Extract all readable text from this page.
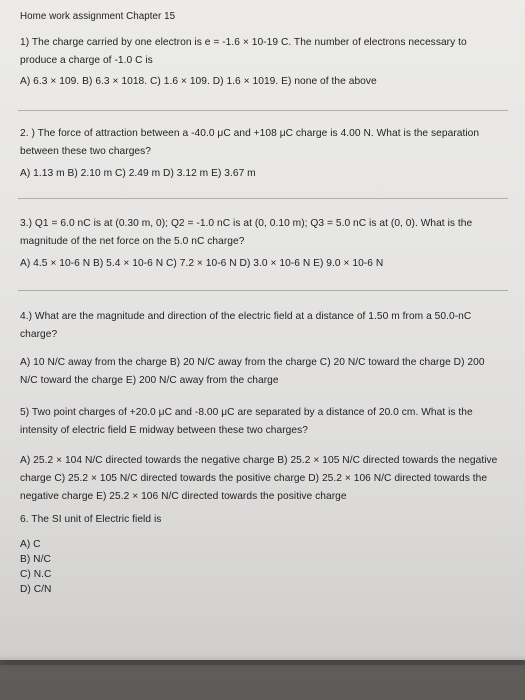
Home work assignment Chapter 15
1) The charge carried by one electron is e = -1.6 × 10-19 C. The number of electrons necessary to
produce a charge of -1.0 C is
A) 6.3 × 109. B) 6.3 × 1018. C) 1.6 × 109. D) 1.6 × 1019. E) none of the above
2. ) The force of attraction between a -40.0 μC and +108 μC charge is 4.00 N. What is the separation
between these two charges?
A) 1.13 m B) 2.10 m C) 2.49 m D) 3.12 m E) 3.67 m
3.) Q1 = 6.0 nC is at (0.30 m, 0); Q2 = -1.0 nC is at (0, 0.10 m); Q3 = 5.0 nC is at (0, 0). What is the
magnitude of the net force on the 5.0 nC charge?
A) 4.5 × 10-6 N B) 5.4 × 10-6 N C) 7.2 × 10-6 N D) 3.0 × 10-6 N E) 9.0 × 10-6 N
4.) What are the magnitude and direction of the electric field at a distance of 1.50 m from a 50.0-nC
charge?
A) 10 N/C away from the charge B) 20 N/C away from the charge C) 20 N/C toward the charge D) 200
N/C toward the charge E) 200 N/C away from the charge
5) Two point charges of +20.0 μC and -8.00 μC are separated by a distance of 20.0 cm. What is the
intensity of electric field E midway between these two charges?
A) 25.2 × 104 N/C directed towards the negative charge B) 25.2 × 105 N/C directed towards the negative
charge C) 25.2 × 105 N/C directed towards the positive charge D) 25.2 × 106 N/C directed towards the
negative charge E) 25.2 × 106 N/C directed towards the positive charge
6. The SI unit of Electric field is
A) C
B) N/C
C) N.C
D) C/N
